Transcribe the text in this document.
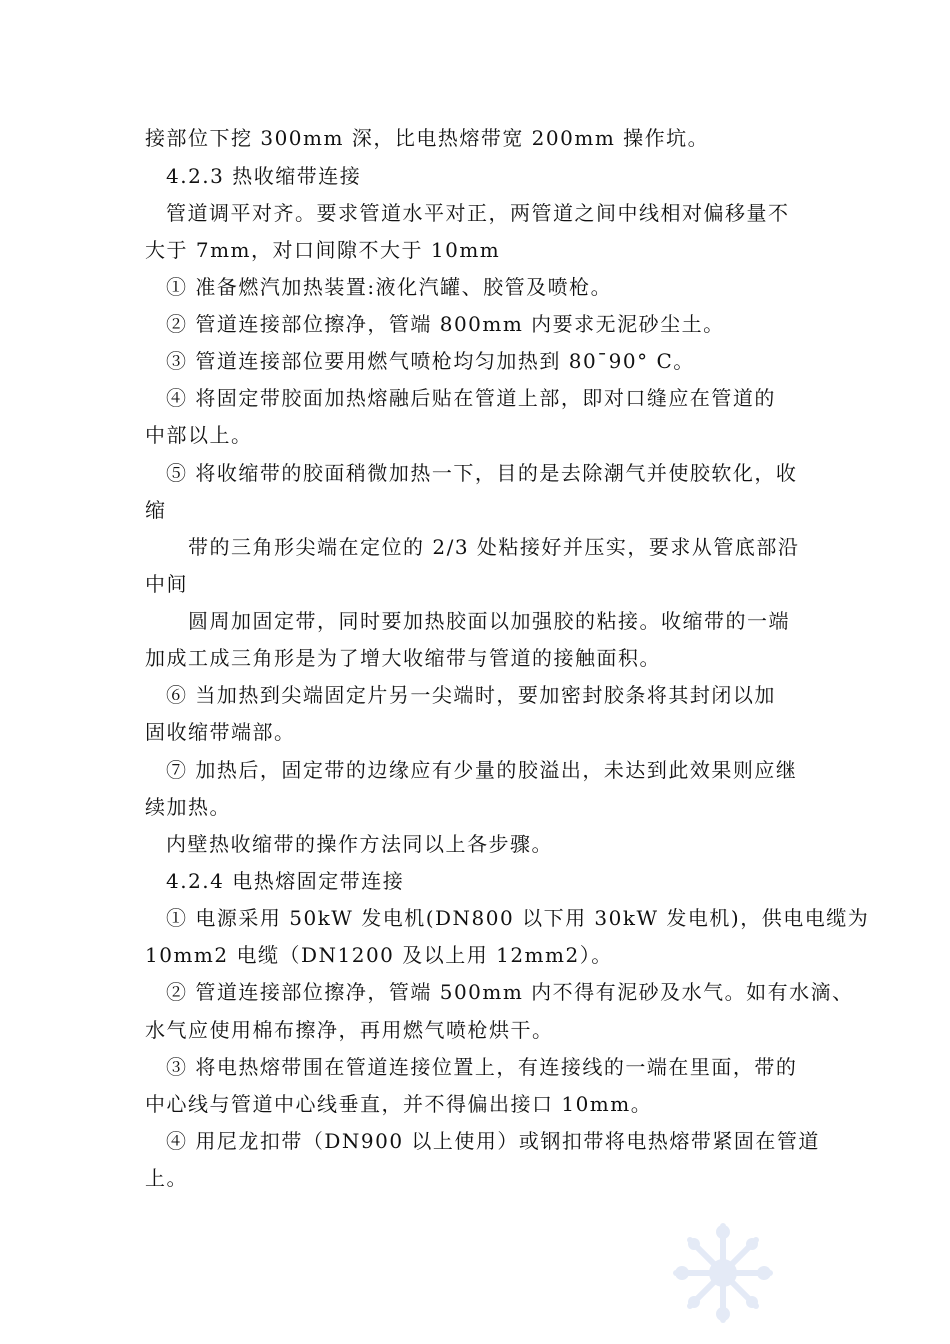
接部位下挖 300mm 深，比电热熔带宽 200mm 操作坑。
4.2.3 热收缩带连接
管道调平对齐。要求管道水平对正，两管道之间中线相对偏移量不
大于 7mm，对口间隙不大于 10mm
① 准备燃汽加热装置:液化汽罐、胶管及喷枪。
② 管道连接部位擦净，管端 800mm 内要求无泥砂尘土。
③ 管道连接部位要用燃气喷枪均匀加热到 80¯90° C。
④ 将固定带胶面加热熔融后贴在管道上部，即对口缝应在管道的
中部以上。
⑤ 将收缩带的胶面稍微加热一下，目的是去除潮气并使胶软化，收
缩
带的三角形尖端在定位的 2/3 处粘接好并压实，要求从管底部沿
中间
圆周加固定带，同时要加热胶面以加强胶的粘接。收缩带的一端
加成工成三角形是为了增大收缩带与管道的接触面积。
⑥ 当加热到尖端固定片另一尖端时，要加密封胶条将其封闭以加
固收缩带端部。
⑦ 加热后，固定带的边缘应有少量的胶溢出，未达到此效果则应继
续加热。
内壁热收缩带的操作方法同以上各步骤。
4.2.4 电热熔固定带连接
① 电源采用 50kW 发电机(DN800 以下用 30kW 发电机)，供电电缆为
10mm2 电缆（DN1200 及以上用 12mm2）。
② 管道连接部位擦净，管端 500mm 内不得有泥砂及水气。如有水滴、
水气应使用棉布擦净，再用燃气喷枪烘干。
③ 将电热熔带围在管道连接位置上，有连接线的一端在里面，带的
中心线与管道中心线垂直，并不得偏出接口 10mm。
④ 用尼龙扣带（DN900 以上使用）或钢扣带将电热熔带紧固在管道
上。
